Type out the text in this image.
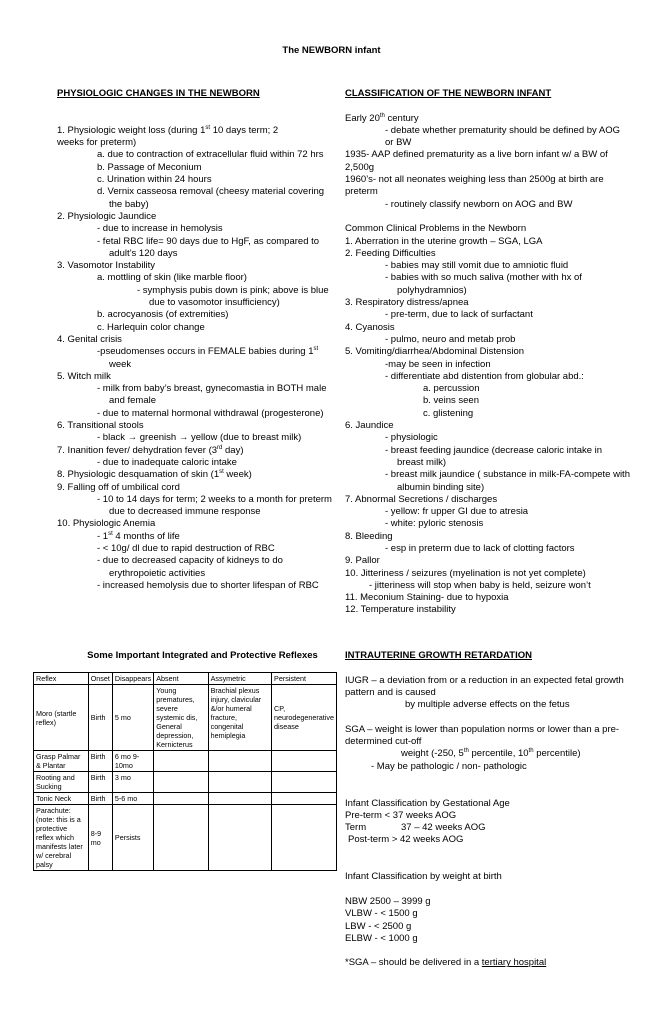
The NEWBORN infant
PHYSIOLOGIC CHANGES IN THE NEWBORN
1. Physiologic weight loss (during 1st 10 days term; 2
weeks for preterm)
a. due to contraction of extracellular fluid within 72 hrs
b. Passage of Meconium
c. Urination within 24 hours
d. Vernix casseosa removal (cheesy material covering the baby)
2. Physiologic Jaundice
- due to increase in hemolysis
- fetal RBC life= 90 days due to HgF, as compared to adult’s 120 days
3. Vasomotor Instability
a. mottling of skin (like marble floor)
- symphysis pubis down is pink; above is blue due to vasomotor insufficiency)
b. acrocyanosis (of extremities)
c. Harlequin color change
4. Genital crisis
-pseudomenses occurs in FEMALE babies during 1st week
5. Witch milk
- milk from baby’s breast, gynecomastia in BOTH male and female
- due to maternal hormonal withdrawal (progesterone)
6. Transitional stools
- black → greenish → yellow (due to breast milk)
7. Inanition fever/ dehydration fever (3rd day)
- due to inadequate caloric intake
8. Physiologic desquamation of skin (1st week)
9. Falling off of umbilical cord
- 10 to 14 days for term; 2 weeks to a month for preterm due to decreased immune response
10. Physiologic Anemia
- 1st 4 months of life
- < 10g/ dl due to rapid destruction of RBC
- due to decreased capacity of kidneys to do erythropoietic activities
- increased hemolysis due to shorter lifespan of RBC
Some Important Integrated and Protective Reflexes
Reflex	Onset	Disappears	Absent	Assymetric	Persistent
Moro (startle reflex)	Birth	5 mo	Young prematures, severe systemic dis, General depression, Kernicterus	Brachial plexus injury, clavicular &/or humeral fracture, congenital hemiplegia	CP, neurodegenerative disease
Grasp Palmar & Plantar	Birth	6 mo 9-10mo			
Rooting and Sucking	Birth	3 mo			
Tonic Neck	Birth	5-6 mo			
Parachute: (note: this is a protective reflex which manifests later w/ cerebral palsy	8-9 mo	Persists			
CLASSIFICATION OF THE NEWBORN INFANT
Early 20th century
- debate whether prematurity should be defined by AOG or BW
1935- AAP defined prematurity as a live born infant w/ a BW of 2,500g
1960’s- not all neonates weighing less than 2500g at birth are preterm
- routinely classify newborn on AOG and BW
Common Clinical Problems in the Newborn
1. Aberration in the uterine growth – SGA, LGA
2. Feeding Difficulties
- babies may still vomit due to amniotic fluid
- babies with so much saliva (mother with hx of polyhydramnios)
3. Respiratory distress/apnea
- pre-term, due to lack of surfactant
4. Cyanosis
- pulmo, neuro and metab prob
5. Vomiting/diarrhea/Abdominal Distension
-may be seen in infection
- differentiate abd distention from globular abd.:
a. percussion
b. veins seen
c. glistening
6. Jaundice
- physiologic
- breast feeding jaundice (decrease caloric intake in breast milk)
- breast milk jaundice ( substance in milk-FA-compete with albumin binding site)
7. Abnormal Secretions / discharges
- yellow: fr upper GI due to atresia
- white: pyloric stenosis
8. Bleeding
- esp in preterm due to lack of clotting factors
9. Pallor
10. Jitteriness / seizures (myelination is not yet complete)
- jitteriness will stop when baby is held, seizure won’t
11. Meconium Staining- due to hypoxia
12. Temperature instability
INTRAUTERINE GROWTH RETARDATION
IUGR – a deviation from or a reduction in an expected fetal growth pattern and is caused
by multiple adverse effects on the fetus
SGA – weight is lower than population norms or lower than a pre-determined cut-off
weight (-250, 5th percentile, 10th percentile)
- May be pathologic / non- pathologic
Infant Classification by Gestational Age
Pre-term < 37 weeks AOG
Term	37 – 42 weeks AOG
Post-term > 42 weeks AOG
Infant Classification by weight at birth
NBW 2500 – 3999 g
VLBW - < 1500 g
LBW - < 2500 g
ELBW - < 1000 g
*SGA – should be delivered in a tertiary hospital
